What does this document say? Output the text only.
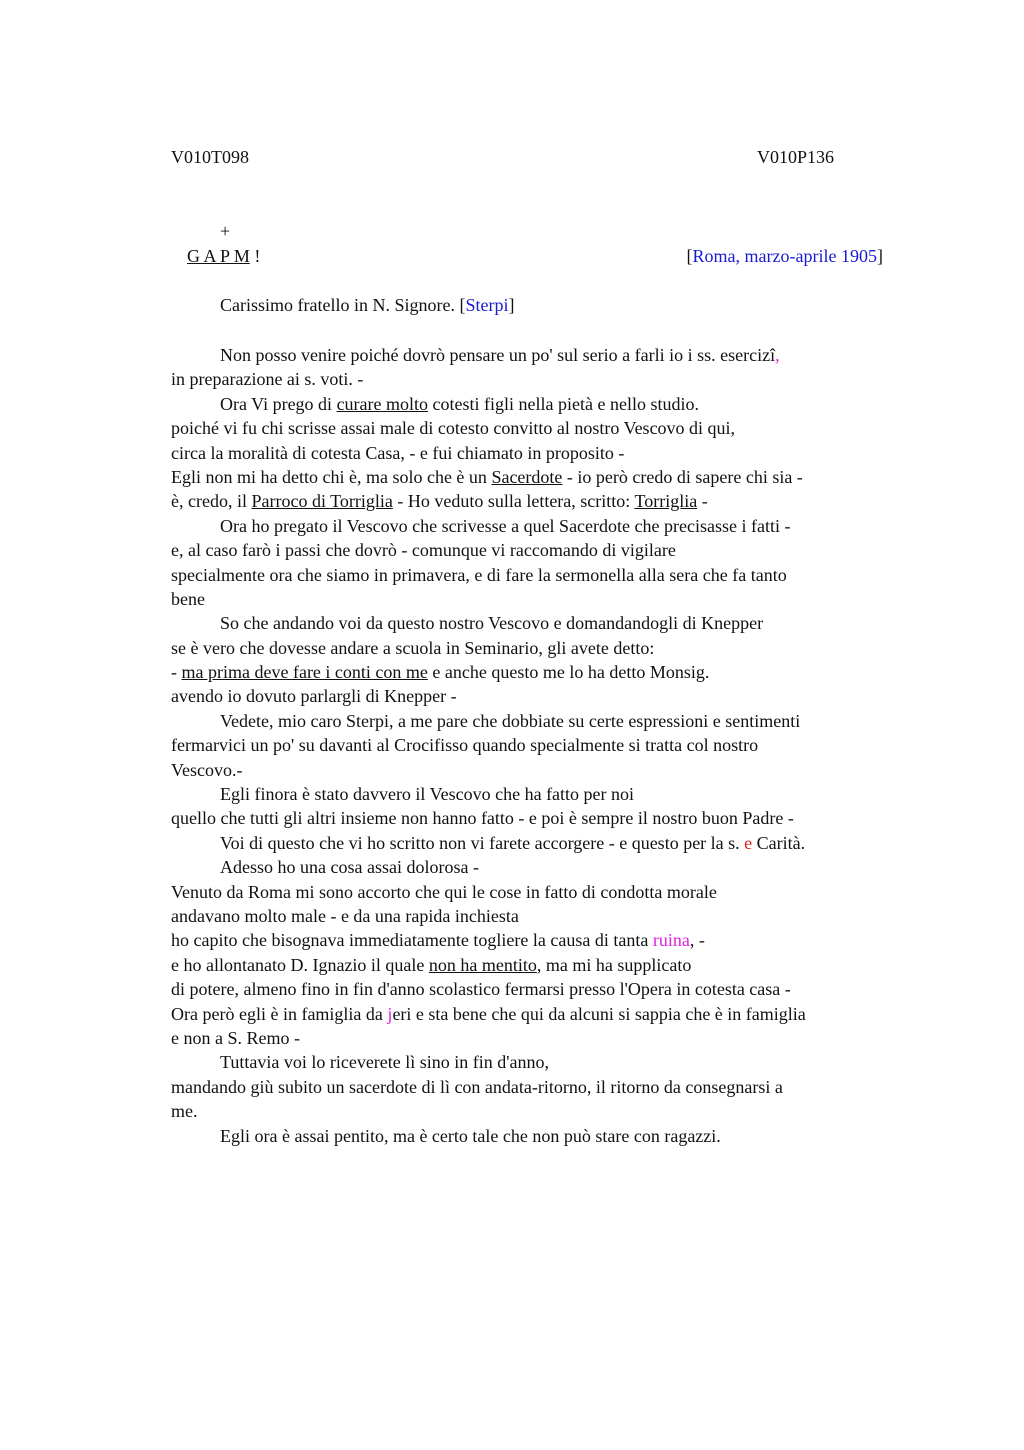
V010T098	V010P136
+
G A P M !	[Roma, marzo-aprile 1905]
Carissimo fratello in N. Signore. [Sterpi]
Non posso venire poiché dovrò pensare un po' sul serio a farli io i ss. esercizî,
in preparazione ai s. voti. -
Ora Vi prego di curare molto cotesti figli nella pietà e nello studio.
poiché vi fu chi scrisse assai male di cotesto convitto al nostro Vescovo di qui,
circa la moralità di cotesta Casa, - e fui chiamato in proposito -
Egli non mi ha detto chi è, ma solo che è un Sacerdote - io però credo di sapere chi sia -
è, credo, il Parroco di Torriglia - Ho veduto sulla lettera, scritto: Torriglia -
Ora ho pregato il Vescovo che scrivesse a quel Sacerdote che precisasse i fatti -
e, al caso farò i passi che dovrò - comunque vi raccomando di vigilare
specialmente ora che siamo in primavera, e di fare la sermonella alla sera che fa tanto
bene
So che andando voi da questo nostro Vescovo e domandandogli di Knepper
se è vero che dovesse andare a scuola in Seminario, gli avete detto:
- ma prima deve fare i conti con me e anche questo me lo ha detto Monsig.
avendo io dovuto parlargli di Knepper -
Vedete, mio caro Sterpi, a me pare che dobbiate su certe espressioni e sentimenti
fermarvici un po' su davanti al Crocifisso quando specialmente si tratta col nostro
Vescovo.-
Egli finora è stato davvero il Vescovo che ha fatto per noi
quello che tutti gli altri insieme non hanno fatto - e poi è sempre il nostro buon Padre -
Voi di questo che vi ho scritto non vi farete accorgere - e questo per la s. e Carità.
Adesso ho una cosa assai dolorosa -
Venuto da Roma mi sono accorto che qui le cose in fatto di condotta morale
andavano molto male - e da una rapida inchiesta
ho capito che bisognava immediatamente togliere la causa di tanta ruina, -
e ho allontanato D. Ignazio il quale non ha mentito, ma mi ha supplicato
di potere, almeno fino in fin d'anno scolastico fermarsi presso l'Opera in cotesta casa -
Ora però egli è in famiglia da jeri e sta bene che qui da alcuni si sappia che è in famiglia
e non a S. Remo -
Tuttavia voi lo riceverete lì sino in fin d'anno,
mandando giù subito un sacerdote di lì con andata-ritorno, il ritorno da consegnarsi a
me.
Egli ora è assai pentito, ma è certo tale che non può stare con ragazzi.
